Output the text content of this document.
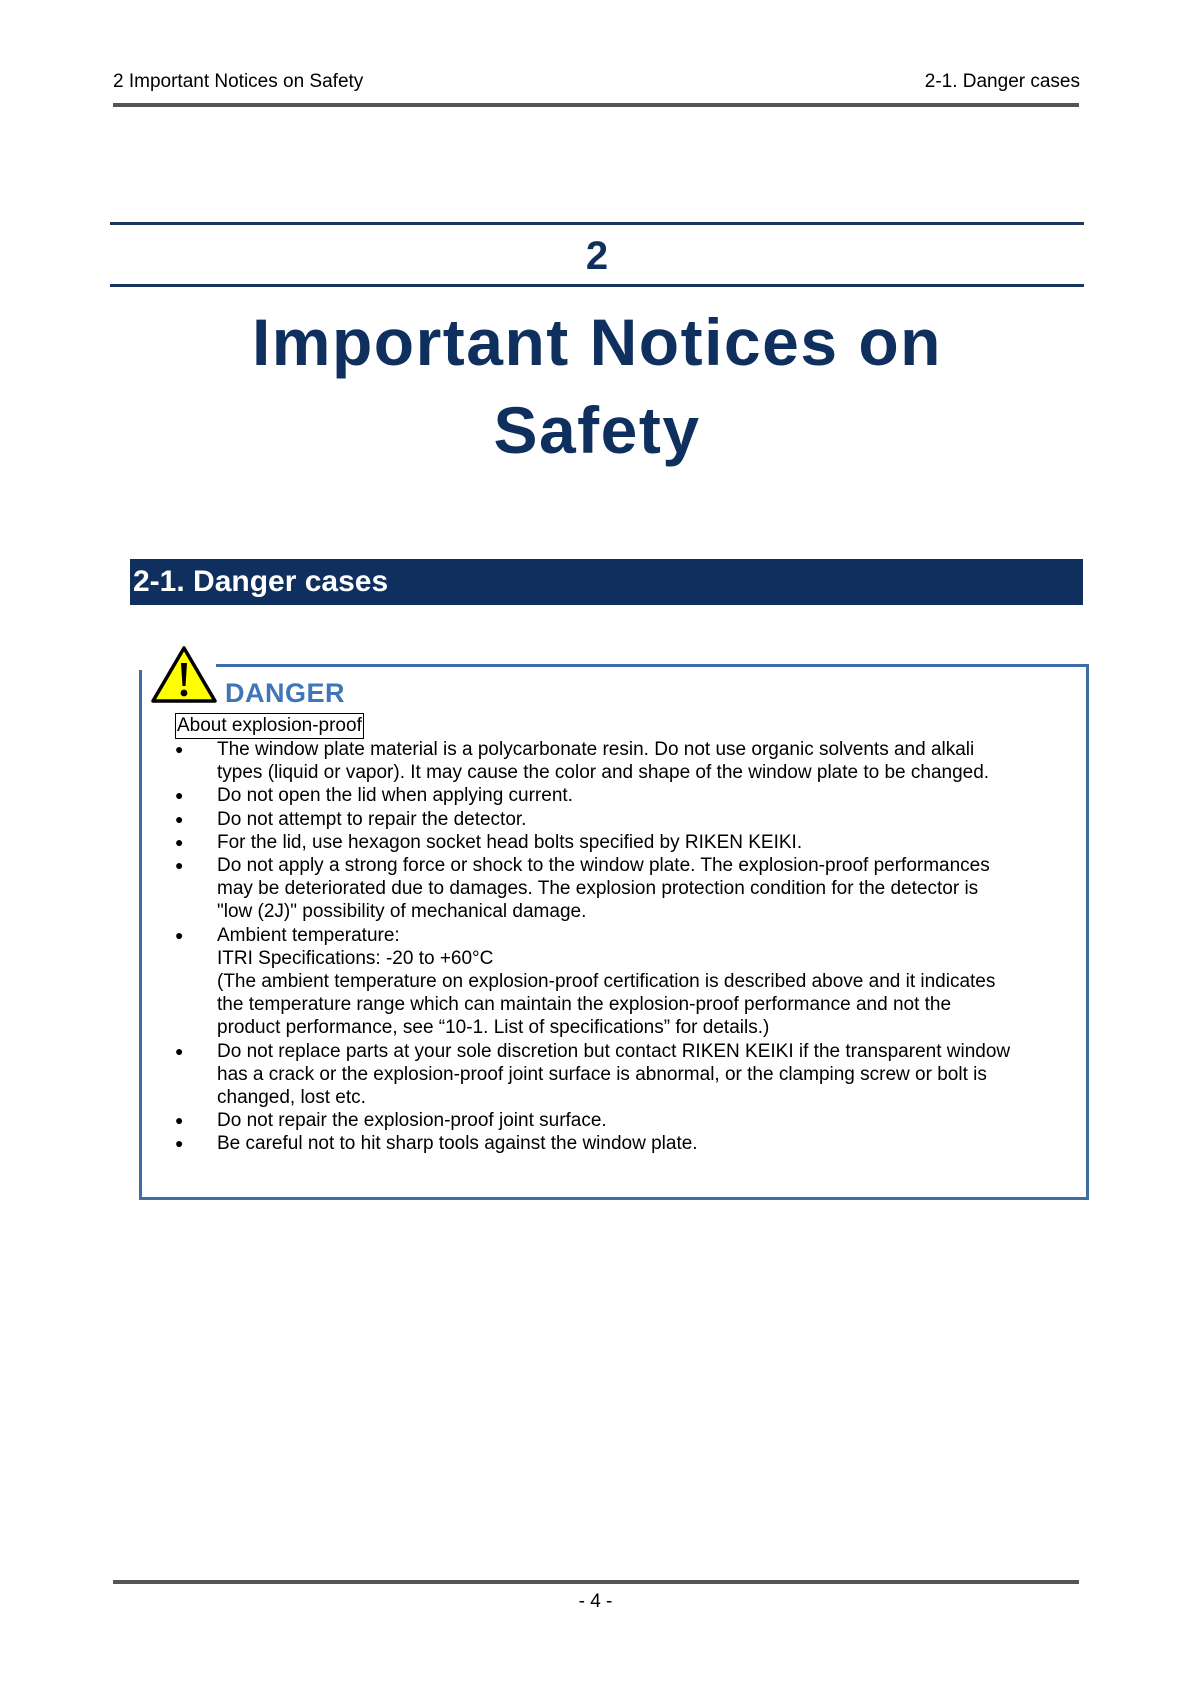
2 Important Notices on Safety	2-1. Danger cases
2
Important Notices on
Safety
2-1. Danger cases
DANGER
About explosion-proof
● The window plate material is a polycarbonate resin. Do not use organic solvents and alkali
types (liquid or vapor). It may cause the color and shape of the window plate to be changed.
● Do not open the lid when applying current.
● Do not attempt to repair the detector.
● For the lid, use hexagon socket head bolts specified by RIKEN KEIKI.
● Do not apply a strong force or shock to the window plate. The explosion-proof performances
may be deteriorated due to damages. The explosion protection condition for the detector is
"low (2J)" possibility of mechanical damage.
● Ambient temperature:
ITRI Specifications: -20 to +60°C
(The ambient temperature on explosion-proof certification is described above and it indicates
the temperature range which can maintain the explosion-proof performance and not the
product performance, see “10-1. List of specifications” for details.)
● Do not replace parts at your sole discretion but contact RIKEN KEIKI if the transparent window
has a crack or the explosion-proof joint surface is abnormal, or the clamping screw or bolt is
changed, lost etc.
● Do not repair the explosion-proof joint surface.
● Be careful not to hit sharp tools against the window plate.
- 4 -
